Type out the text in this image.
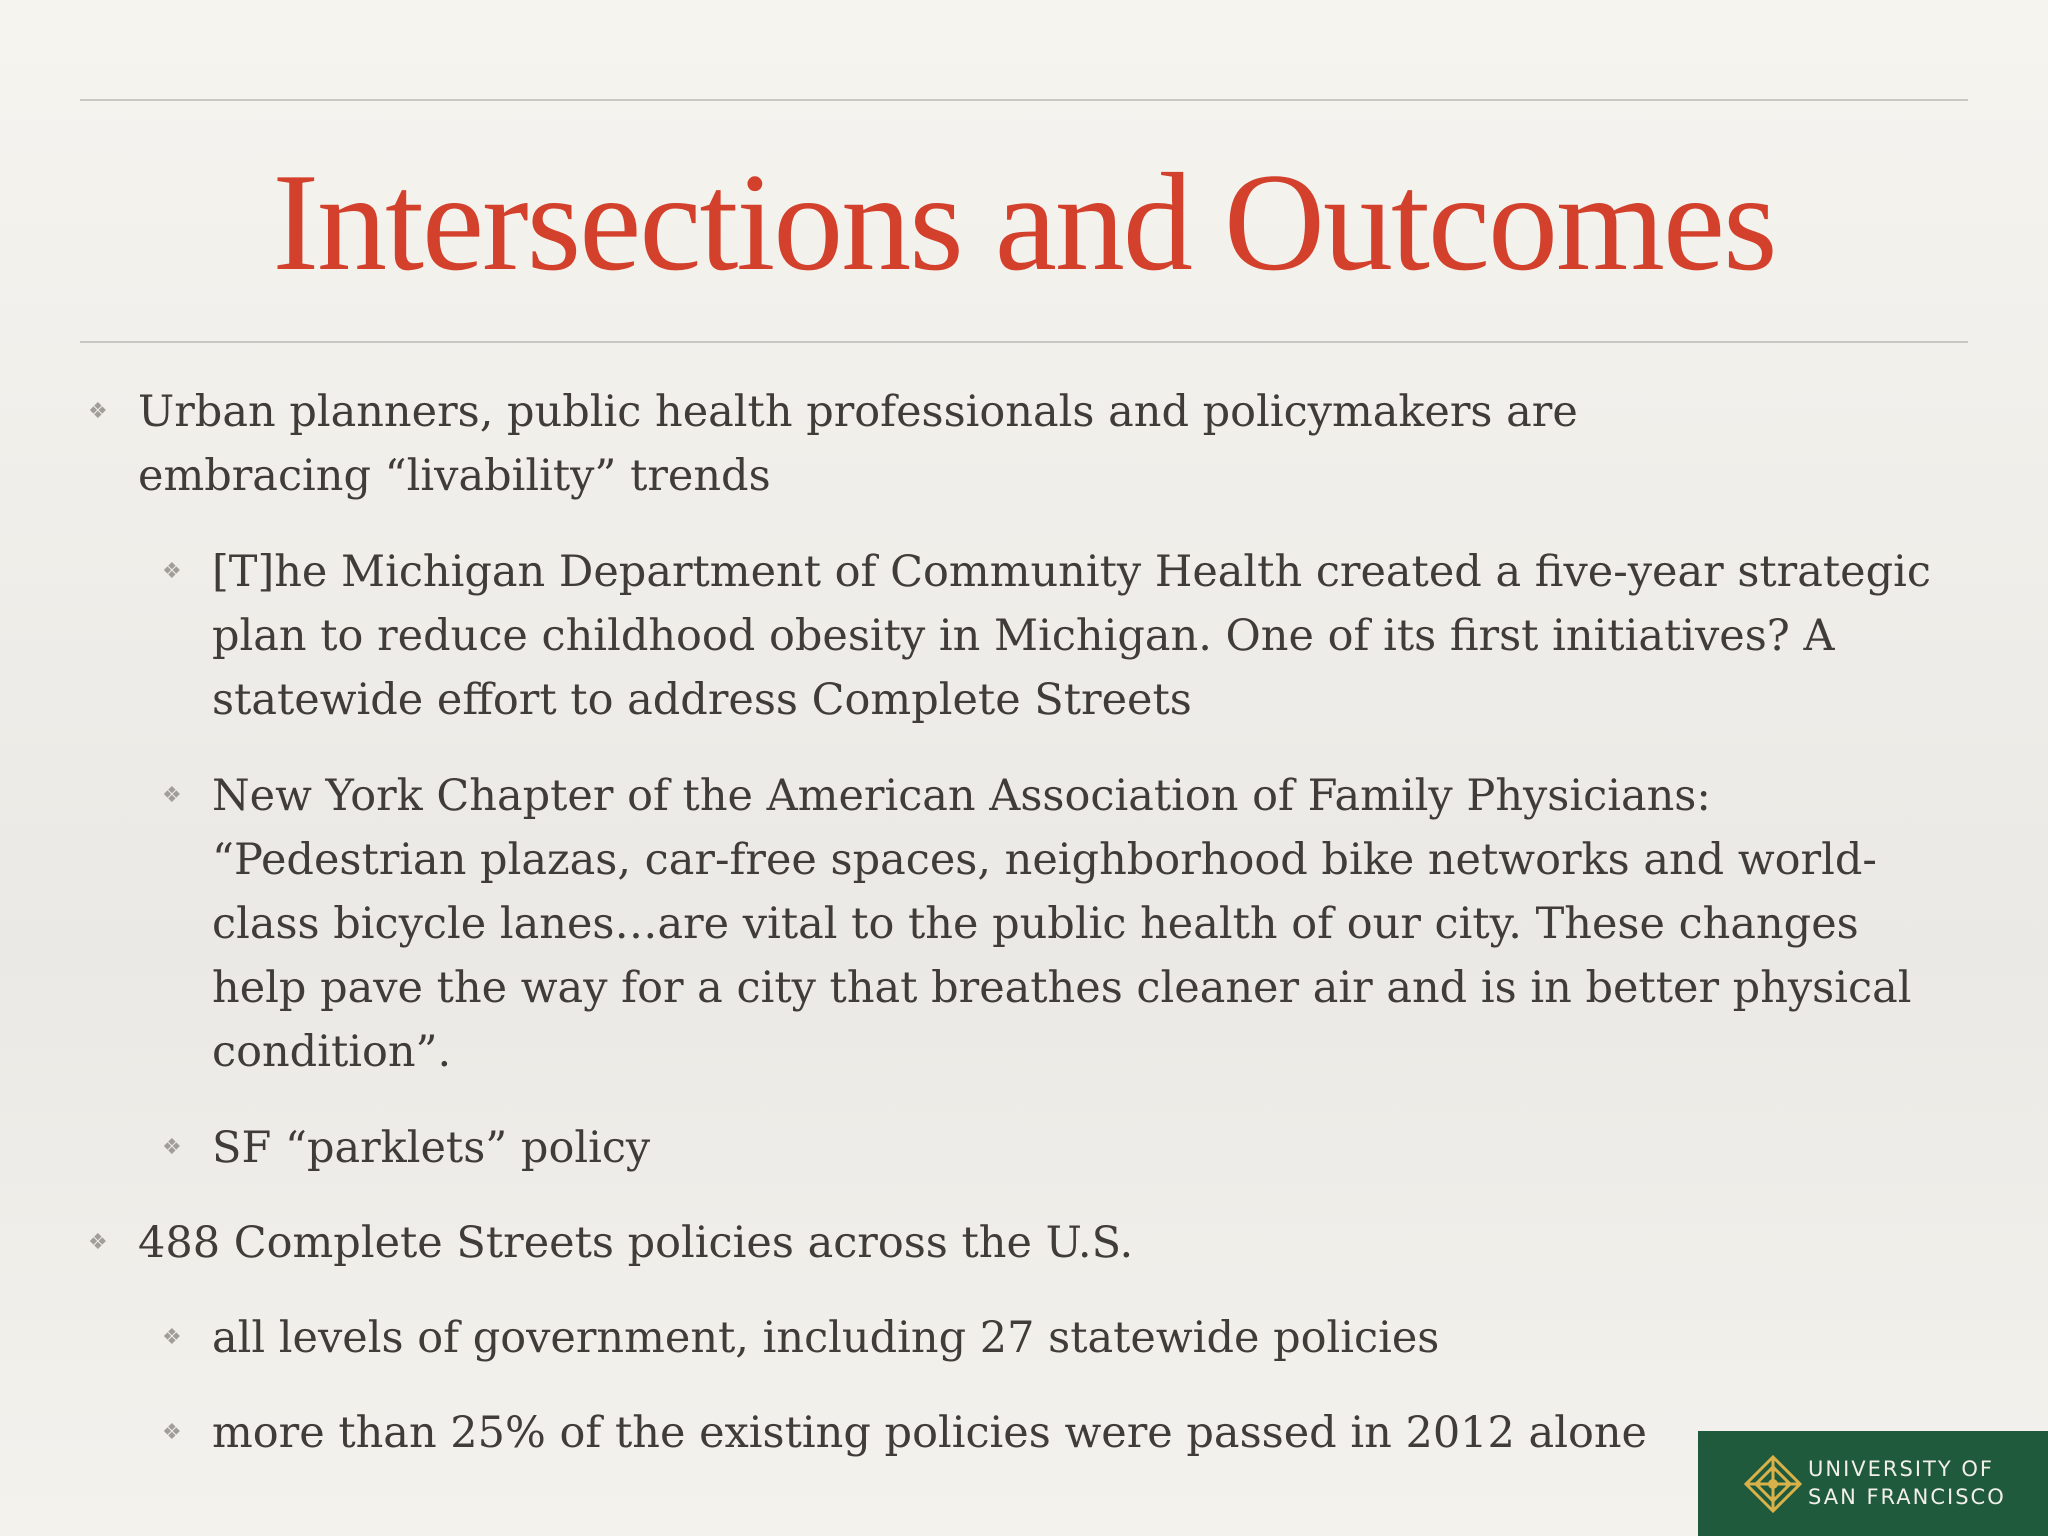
Intersections and Outcomes
❖ Urban planners, public health professionals and policymakers are embracing “livability” trends
❖ [T]he Michigan Department of Community Health created a five-year strategic plan to reduce childhood obesity in Michigan. One of its first initiatives? A statewide effort to address Complete Streets
❖ New York Chapter of the American Association of Family Physicians: “Pedestrian plazas, car-free spaces, neighborhood bike networks and world-class bicycle lanes…are vital to the public health of our city. These changes help pave the way for a city that breathes cleaner air and is in better physical condition”.
❖ SF “parklets” policy
❖ 488 Complete Streets policies across the U.S.
❖ all levels of government, including 27 statewide policies
❖ more than 25% of the existing policies were passed in 2012 alone
UNIVERSITY OF
SAN FRANCISCO
